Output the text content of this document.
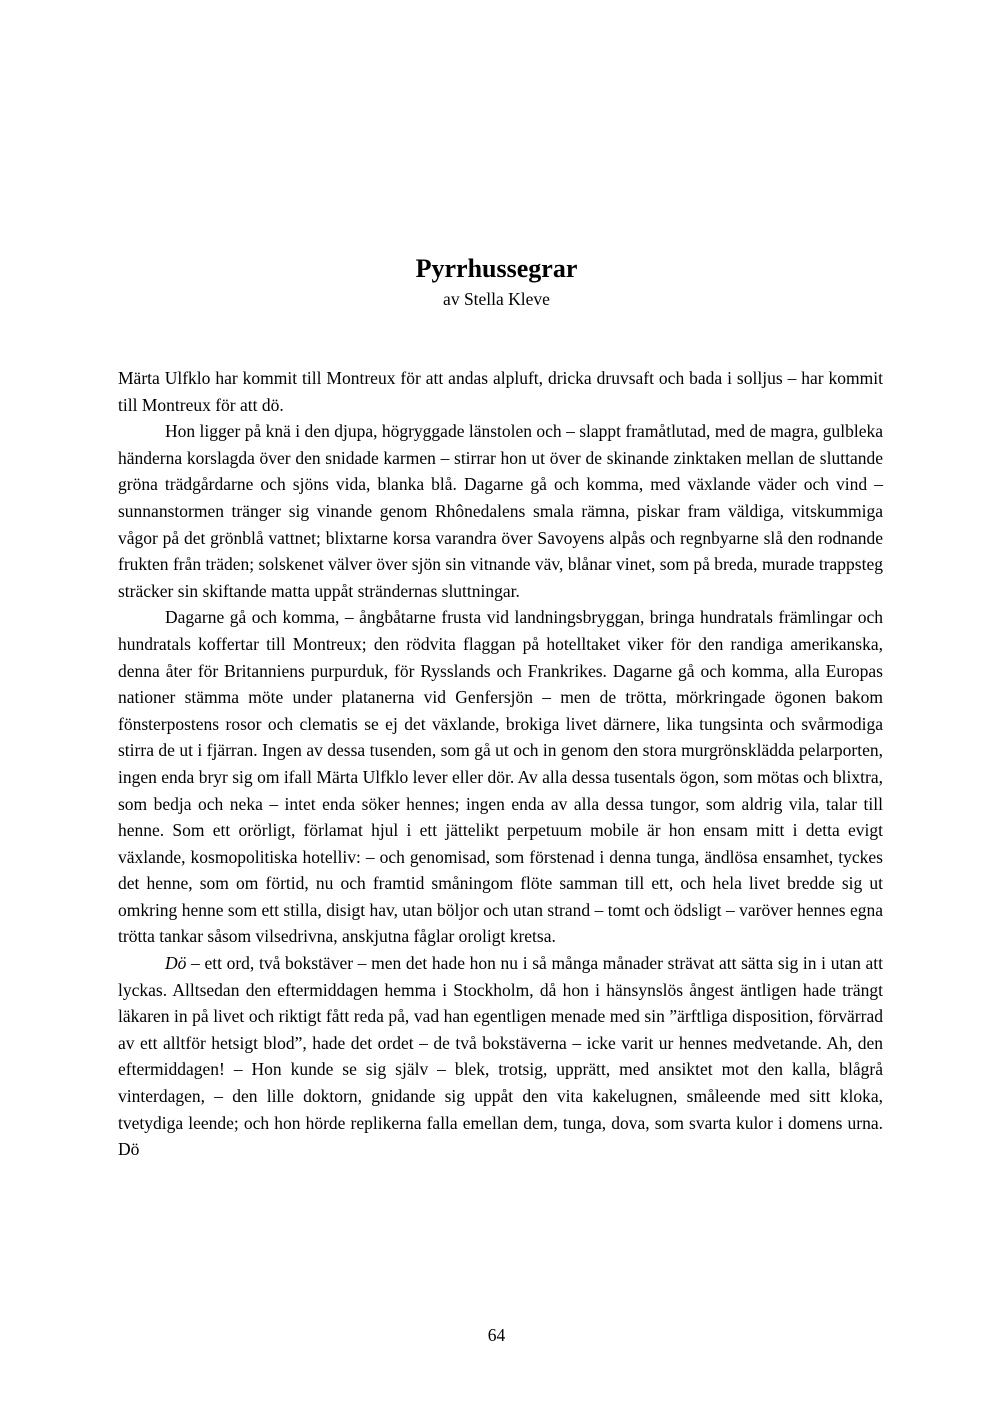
Pyrrhussegrar
av Stella Kleve

Märta Ulfklo har kommit till Montreux för att andas alpluft, dricka druvsaft och bada i solljus – har kommit till Montreux för att dö.

Hon ligger på knä i den djupa, högryggade länstolen och – slappt framåtlutad, med de magra, gulbleka händerna korslagda över den snidade karmen – stirrar hon ut över de skinande zinktaken mellan de sluttande gröna trädgårdarne och sjöns vida, blanka blå. Dagarne gå och komma, med växlande väder och vind – sunnanstormen tränger sig vinande genom Rhônedalens smala rämna, piskar fram väldiga, vitskummiga vågor på det grönblå vattnet; blixtarne korsa varandra över Savoyens alpås och regnbyarne slå den rodnande frukten från träden; solskenet välver över sjön sin vitnande väv, blånar vinet, som på breda, murade trappsteg sträcker sin skiftande matta uppåt strändernas sluttningar.

Dagarne gå och komma, – ångbåtarne frusta vid landningsbryggan, bringa hundratals främlingar och hundratals koffertar till Montreux; den rödvita flaggan på hotelltaket viker för den randiga amerikanska, denna åter för Britanniens purpurduk, för Rysslands och Frankrikes. Dagarne gå och komma, alla Europas nationer stämma möte under platanerna vid Genfersjön – men de trötta, mörkringade ögonen bakom fönsterpostens rosor och clematis se ej det växlande, brokiga livet därnere, lika tungsinta och svårmodiga stirra de ut i fjärran. Ingen av dessa tusenden, som gå ut och in genom den stora murgrönsklädda pelarporten, ingen enda bryr sig om ifall Märta Ulfklo lever eller dör. Av alla dessa tusentals ögon, som mötas och blixtra, som bedja och neka – intet enda söker hennes; ingen enda av alla dessa tungor, som aldrig vila, talar till henne. Som ett orörligt, förlamat hjul i ett jättelikt perpetuum mobile är hon ensam mitt i detta evigt växlande, kosmopolitiska hotelliv: – och genomisad, som förstenad i denna tunga, ändlösa ensamhet, tyckes det henne, som om förtid, nu och framtid småningom flöte samman till ett, och hela livet bredde sig ut omkring henne som ett stilla, disigt hav, utan böljor och utan strand – tomt och ödsligt – varöver hennes egna trötta tankar såsom vilsedrivna, anskjutna fåglar oroligt kretsa.

Dö – ett ord, två bokstäver – men det hade hon nu i så många månader strävat att sätta sig in i utan att lyckas. Alltsedan den eftermiddagen hemma i Stockholm, då hon i hänsynslös ångest äntligen hade trängt läkaren in på livet och riktigt fått reda på, vad han egentligen menade med sin ”ärftliga disposition, förvärrad av ett alltför hetsigt blod”, hade det ordet – de två bokstäverna – icke varit ur hennes medvetande. Ah, den eftermiddagen! – Hon kunde se sig själv – blek, trotsig, upprätt, med ansiktet mot den kalla, blågrå vinterdagen, – den lille doktorn, gnidande sig uppåt den vita kakelugnen, småleende med sitt kloka, tvetydiga leende; och hon hörde replikerna falla emellan dem, tunga, dova, som svarta kulor i domens urna. Dö

64
